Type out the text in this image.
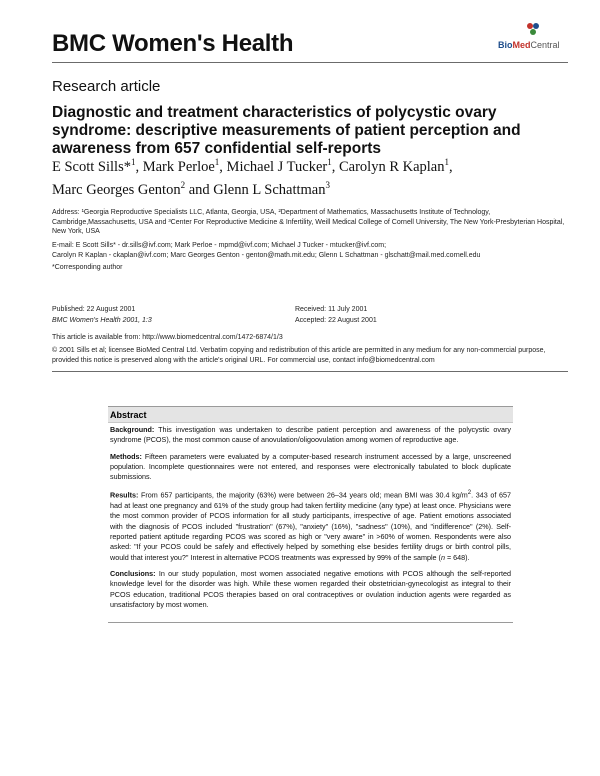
BMC Women's Health	BioMedCentral
Research article
Diagnostic and treatment characteristics of polycystic ovary syndrome: descriptive measurements of patient perception and awareness from 657 confidential self-reports
E Scott Sills*$^1$, Mark Perloe$^1$, Michael J Tucker$^1$, Carolyn R Kaplan$^1$,
Marc Georges Genton$^2$ and Glenn L Schattman$^3$
Address: ¹Georgia Reproductive Specialists LLC, Atlanta, Georgia, USA, ²Department of Mathematics, Massachusetts Institute of Technology, Cambridge,Massachusetts, USA and ³Center For Reproductive Medicine & Infertility, Weill Medical College of Cornell University, The New York-Presbyterian Hospital, New York, USA
E-mail: E Scott Sills* - dr.sills@ivf.com; Mark Perloe - mpmd@ivf.com; Michael J Tucker - mtucker@ivf.com;
Carolyn R Kaplan - ckaplan@ivf.com; Marc Georges Genton - genton@math.mit.edu; Glenn L Schattman - glschatt@mail.med.cornell.edu
*Corresponding author
Published: 22 August 2001
BMC Women's Health 2001, 1:3
Received: 11 July 2001
Accepted: 22 August 2001
This article is available from: http://www.biomedcentral.com/1472-6874/1/3
© 2001 Sills et al; licensee BioMed Central Ltd. Verbatim copying and redistribution of this article are permitted in any medium for any non-commercial purpose, provided this notice is preserved along with the article's original URL. For commercial use, contact info@biomedcentral.com
Abstract

Background: This investigation was undertaken to describe patient perception and awareness of the polycystic ovary syndrome (PCOS), the most common cause of anovulation/oligoovulation among women of reproductive age.

Methods: Fifteen parameters were evaluated by a computer-based research instrument accessed by a large, unscreened population. Incomplete questionnaires were not entered, and responses were electronically tabulated to block duplicate submissions.

Results: From 657 participants, the majority (63%) were between 26–34 years old; mean BMI was 30.4 $kg/m^2$. 343 of 657 had at least one pregnancy and 61% of the study group had taken fertility medicine (any type) at least once. Physicians were the most common provider of PCOS information for all study participants, irrespective of age. Patient emotions associated with the diagnosis of PCOS included "frustration" (67%), "anxiety" (16%), "sadness" (10%), and "indifference" (2%). Self-reported patient aptitude regarding PCOS was scored as high or "very aware" in >60% of women. Respondents were also asked: "If your PCOS could be safely and effectively helped by something else besides fertility drugs or birth control pills, would that interest you?" Interest in alternative PCOS treatments was expressed by 99% of the sample (n = 648).

Conclusions: In our study population, most women associated negative emotions with PCOS although the self-reported knowledge level for the disorder was high. While these women regarded their obstetrician-gynecologist as integral to their PCOS education, traditional PCOS therapies based on oral contraceptives or ovulation induction agents were regarded as unsatisfactory by most women.
